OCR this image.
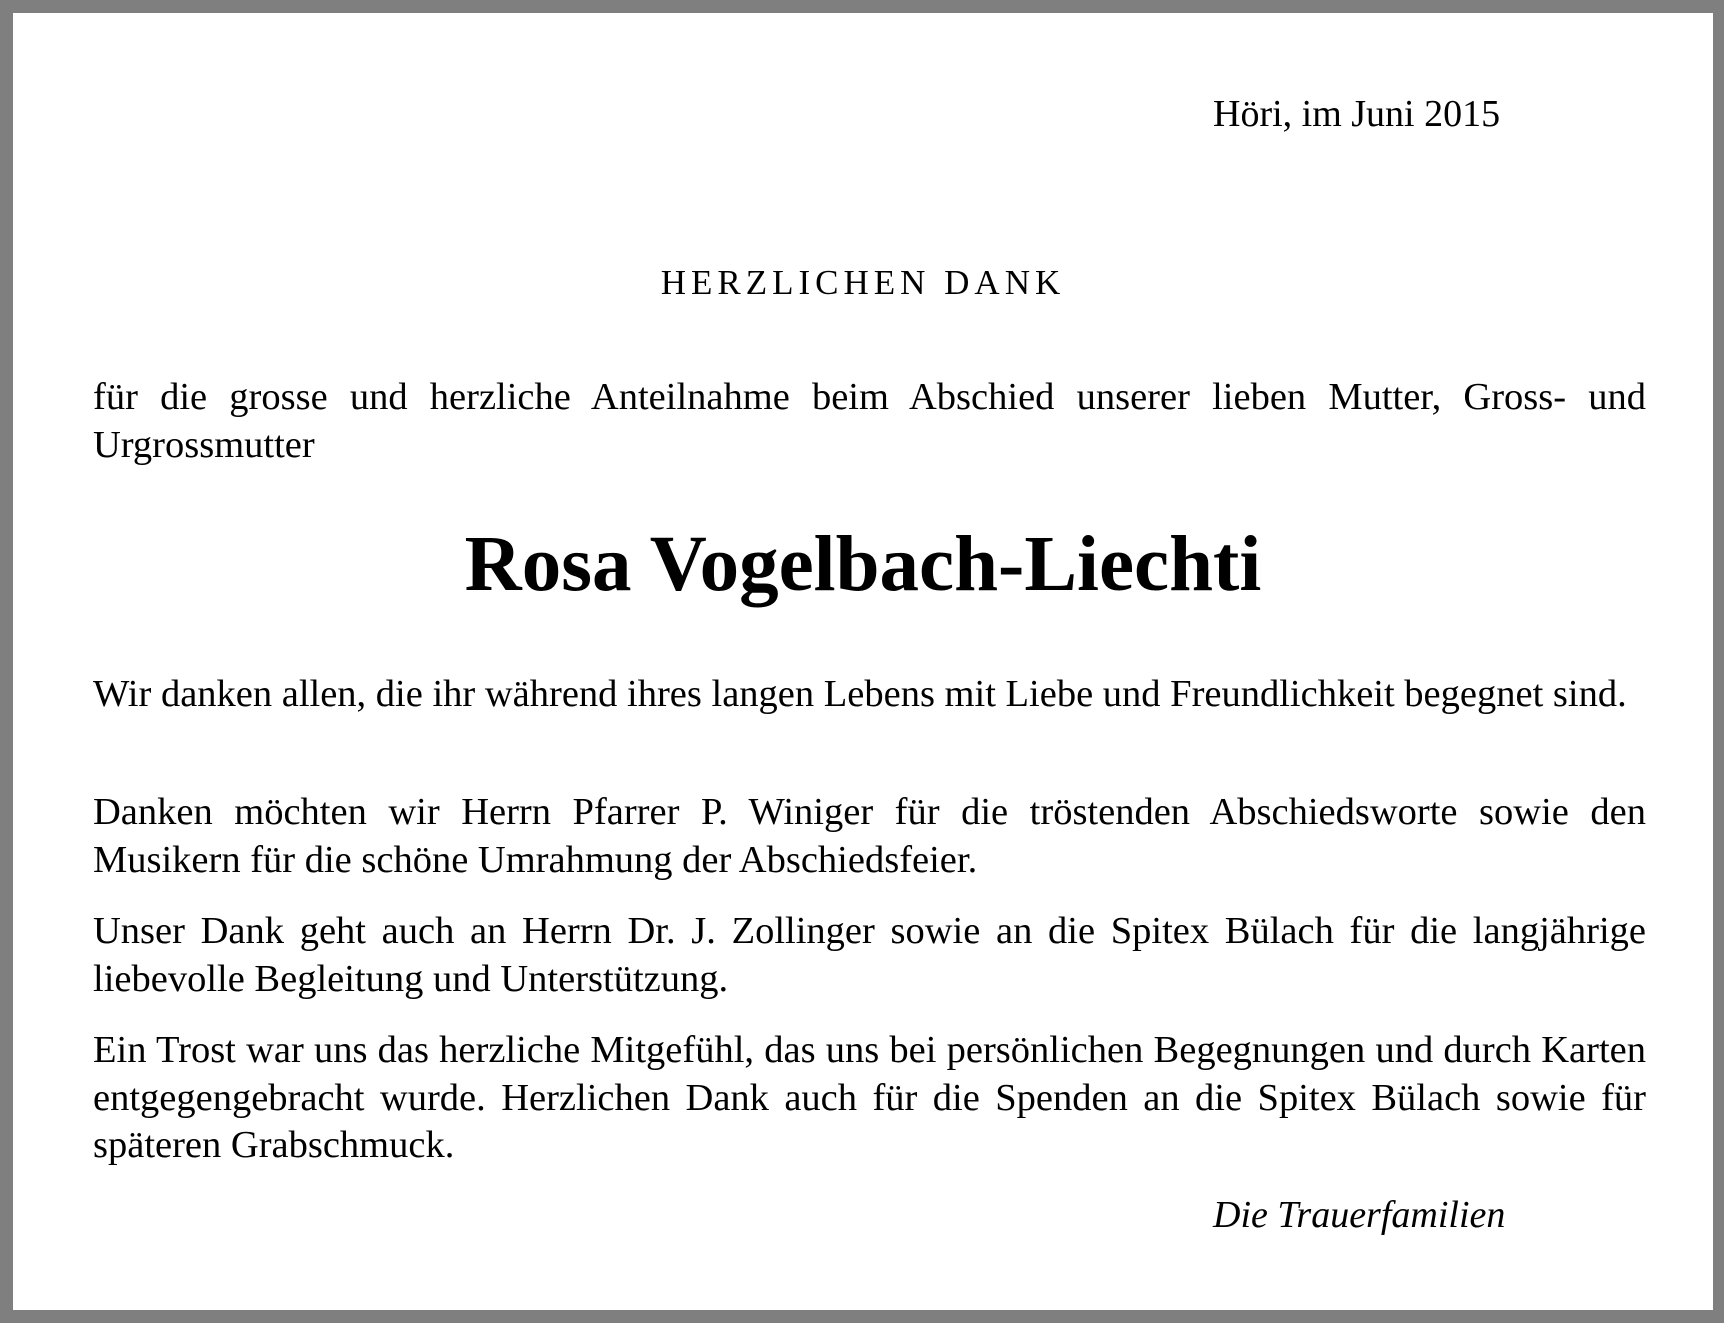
Höri, im Juni 2015
HERZLICHEN DANK

für die grosse und herzliche Anteilnahme beim Abschied unserer lieben Mutter, Gross- und Urgrossmutter

Rosa Vogelbach-Liechti

Wir danken allen, die ihr während ihres langen Lebens mit Liebe und Freundlichkeit begegnet sind.

Danken möchten wir Herrn Pfarrer P. Winiger für die tröstenden Abschiedsworte sowie den Musikern für die schöne Umrahmung der Abschiedsfeier.

Unser Dank geht auch an Herrn Dr. J. Zollinger sowie an die Spitex Bülach für die langjährige liebevolle Begleitung und Unterstützung.

Ein Trost war uns das herzliche Mitgefühl, das uns bei persönlichen Begegnungen und durch Karten entgegengebracht wurde. Herzlichen Dank auch für die Spenden an die Spitex Bülach sowie für späteren Grabschmuck.

Die Trauerfamilien
